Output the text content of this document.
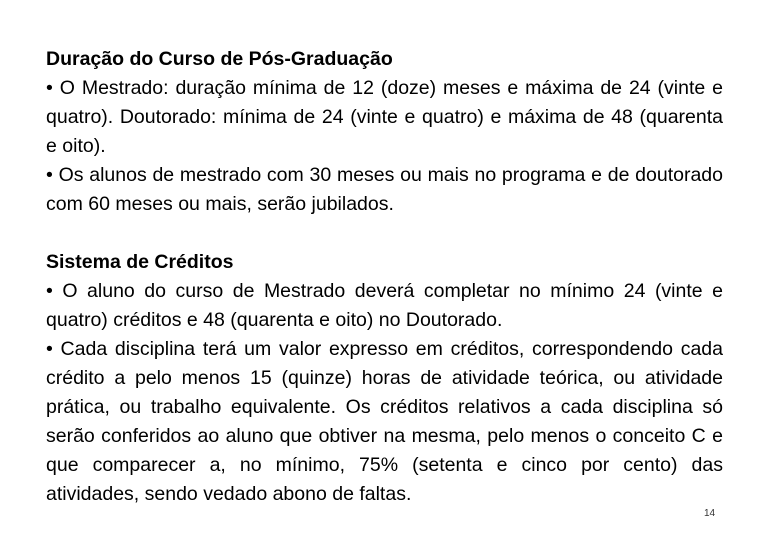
Duração do Curso de Pós-Graduação

• O Mestrado: duração mínima de 12 (doze) meses e máxima de 24 (vinte e quatro). Doutorado: mínima de 24 (vinte e quatro) e máxima de 48 (quarenta e oito).

• Os alunos de mestrado com 30 meses ou mais no programa e de doutorado com 60 meses ou mais, serão jubilados.

Sistema de Créditos

• O aluno do curso de Mestrado deverá completar no mínimo 24 (vinte e quatro) créditos e 48 (quarenta e oito) no Doutorado.

• Cada disciplina terá um valor expresso em créditos, correspondendo cada crédito a pelo menos 15 (quinze) horas de atividade teórica, ou atividade prática, ou trabalho equivalente. Os créditos relativos a cada disciplina só serão conferidos ao aluno que obtiver na mesma, pelo menos o conceito C e que comparecer a, no mínimo, 75% (setenta e cinco por cento) das atividades, sendo vedado abono de faltas.

14
